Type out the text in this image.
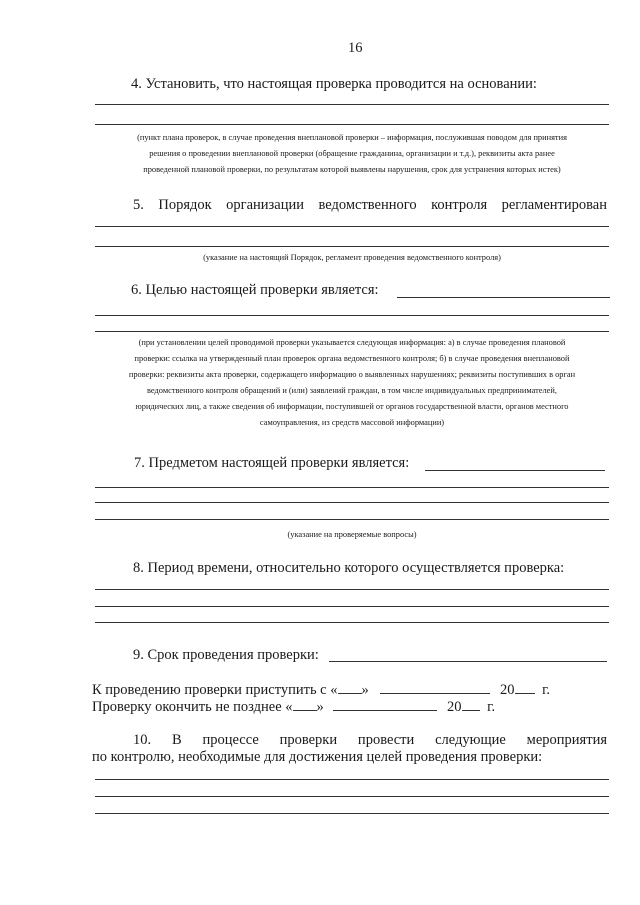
16
4. Установить, что настоящая проверка проводится на основании:
(пункт плана проверок, в случае проведения внеплановой проверки – информация, послужившая поводом для принятия
решения о проведении внеплановой проверки (обращение гражданина, организации и т.д.), реквизиты акта ранее
проведенной плановой проверки, по результатам которой выявлены нарушения, срок для устранения которых истек)
5. Порядок организации ведомственного контроля регламентирован
(указание на настоящий Порядок, регламент проведения ведомственного контроля)
6. Целью настоящей проверки является:
(при установлении целей проводимой проверки указывается следующая информация: а) в случае проведения плановой
проверки: ссылка на утвержденный план проверок органа ведомственного контроля; б) в случае проведения внеплановой
проверки: реквизиты акта проверки, содержащего информацию о выявленных нарушениях; реквизиты поступивших в орган
ведомственного контроля обращений и (или) заявлений граждан, в том числе индивидуальных предпринимателей,
юридических лиц, а также сведения об информации, поступившей от органов государственной власти, органов местного
самоуправления, из средств массовой информации)
7. Предметом настоящей проверки является:
(указание на проверяемые вопросы)
8. Период времени, относительно которого осуществляется проверка:
9. Срок проведения проверки:
К проведению проверки приступить с « »	20 г.
Проверку окончить не позднее « »	20 г.
10. В процессе проверки провести следующие мероприятия
по контролю, необходимые для достижения целей проведения проверки:
